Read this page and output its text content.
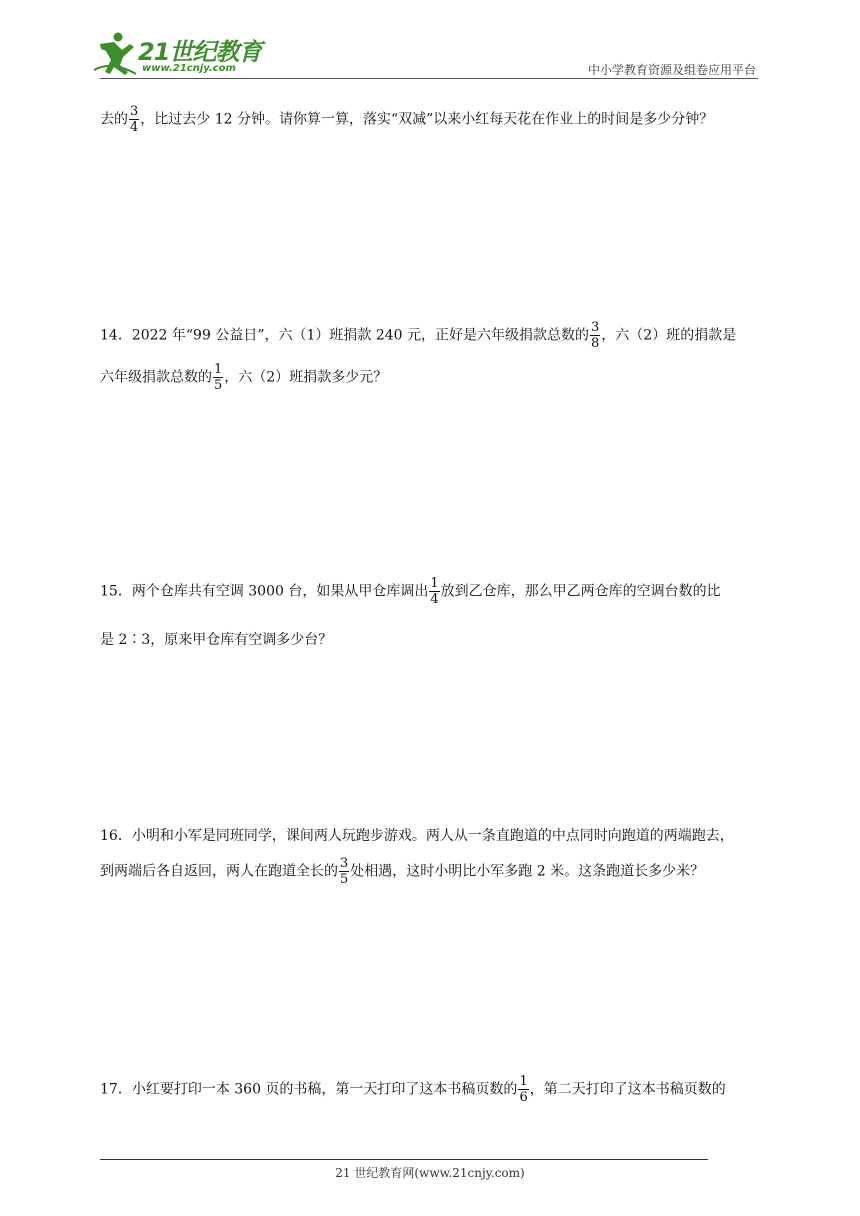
21世纪教育
www.21cnjy.com	中小学教育资源及组卷应用平台
去的 $\frac{3}{4}$ ，比过去少 12 分钟。请你算一算，落实“双减”以来小红每天花在作业上的时间是多少分钟？
14．2022 年“99 公益日”，六（1）班捐款 240 元，正好是六年级捐款总数的 $\frac{3}{8}$ ，六（2）班的捐款是
六年级捐款总数的 $\frac{1}{5}$ ，六（2）班捐款多少元？
15．两个仓库共有空调 3000 台，如果从甲仓库调出 $\frac{1}{4}$ 放到乙仓库，那么甲乙两仓库的空调台数的比
是 2∶3，原来甲仓库有空调多少台？
16．小明和小军是同班同学，课间两人玩跑步游戏。两人从一条直跑道的中点同时向跑道的两端跑去，
到两端后各自返回，两人在跑道全长的 $\frac{3}{5}$ 处相遇，这时小明比小军多跑 2 米。这条跑道长多少米？
17．小红要打印一本 360 页的书稿，第一天打印了这本书稿页数的 $\frac{1}{6}$ ，第二天打印了这本书稿页数的
21 世纪教育网(www.21cnjy.com)
